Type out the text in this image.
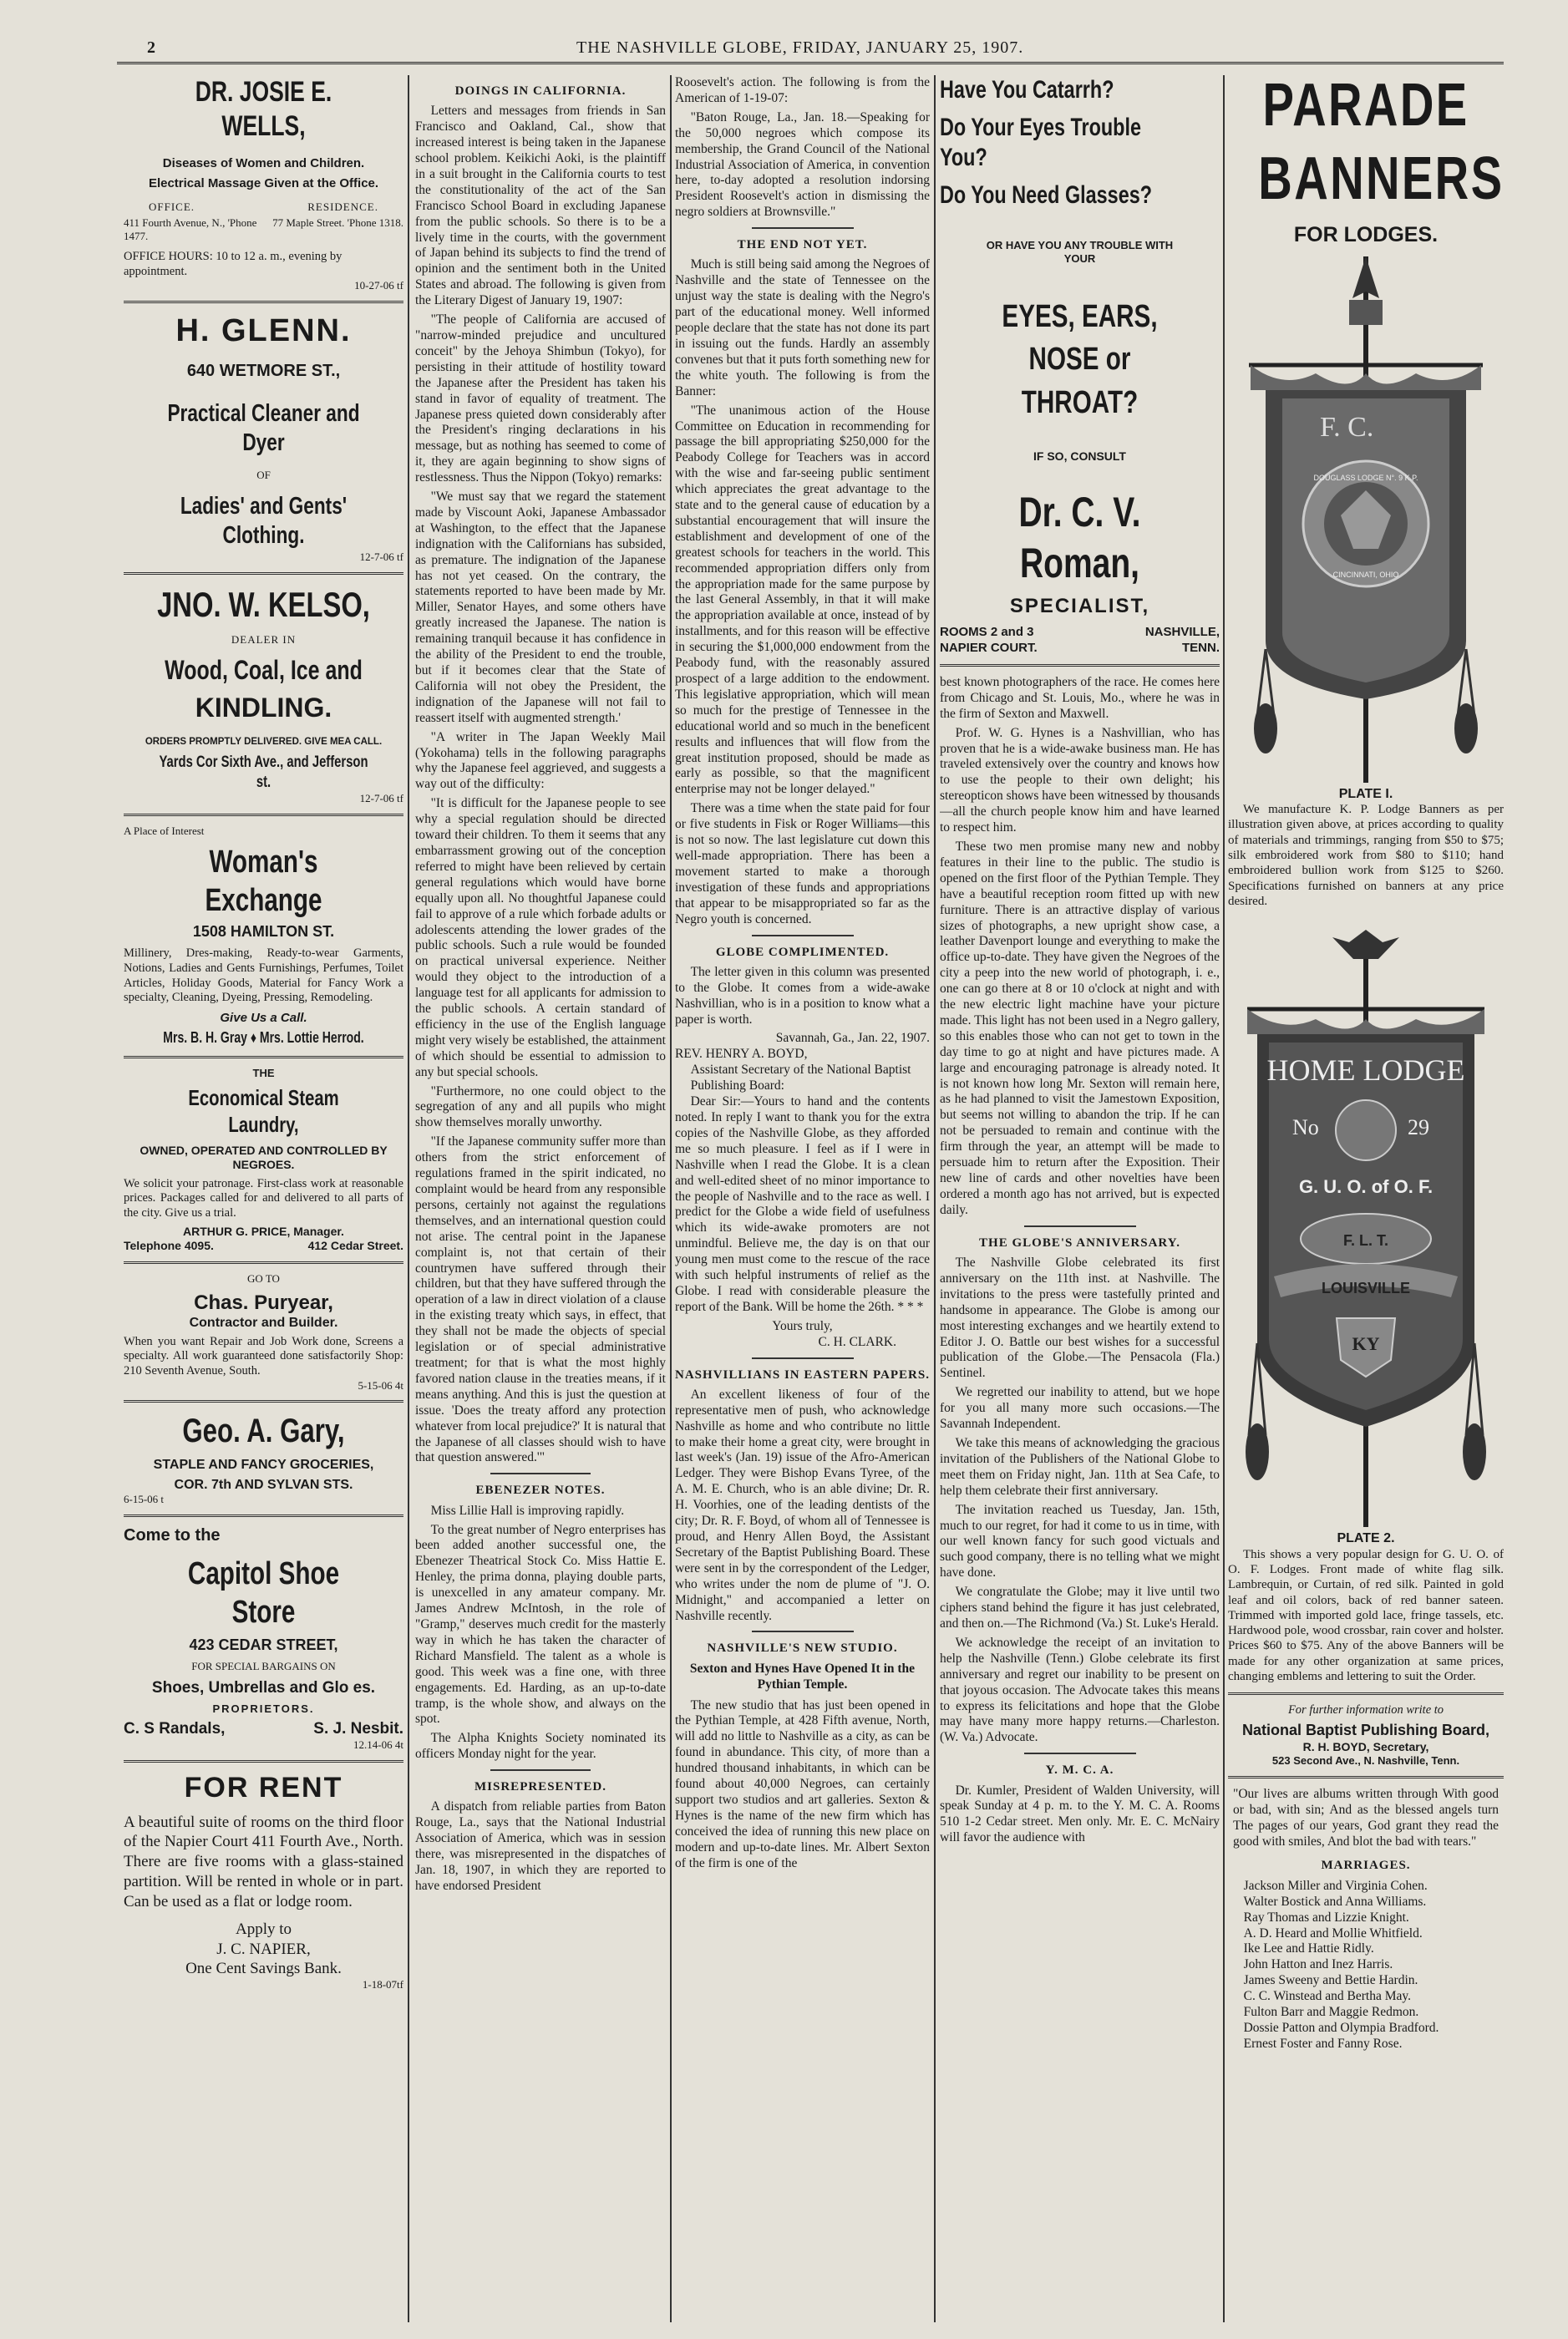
2	THE NASHVILLE GLOBE, FRIDAY, JANUARY 25, 1907.
DR. JOSIE E. WELLS,
Diseases of Women and Children.
Electrical Massage Given at the Office.
OFFICE.	RESIDENCE.
411 Fourth Avenue, N., 'Phone 1477.
77 Maple Street. 'Phone 1318.
OFFICE HOURS: 10 to 12 a. m., evening by appointment.
10-27-06 tf
H. GLENN.
640 WETMORE ST.,
Practical Cleaner and Dyer
OF
Ladies' and Gents' Clothing.
12-7-06 tf
JNO. W. KELSO,
DEALER IN
Wood, Coal, Ice and
KINDLING.
ORDERS PROMPTLY DELIVERED. GIVE MEA CALL.
Yards Cor Sixth Ave., and Jefferson st.
12-7-06 tf
A Place of Interest
Woman's Exchange
1508 HAMILTON ST.
Millinery, Dres-making, Ready-to-wear Garments, Notions, Ladies and Gents Furnishings, Perfumes, Toilet Articles, Holiday Goods, Material for Fancy Work a specialty, Cleaning, Dyeing, Pressing, Remodeling.
Give Us a Call.
Mrs. B. H. Gray ♦ Mrs. Lottie Herrod.
THE
Economical Steam Laundry,
OWNED, OPERATED AND CONTROLLED BY NEGROES.
We solicit your patronage. First-class work at reasonable prices. Packages called for and delivered to all parts of the city. Give us a trial.
ARTHUR G. PRICE, Manager.
Telephone 4095.	412 Cedar Street.
GO TO
Chas. Puryear,
Contractor and Builder.
When you want Repair and Job Work done, Screens a specialty. All work guaranteed done satisfactorily Shop: 210 Seventh Avenue, South.
5-15-06 4t
Geo. A. Gary,
STAPLE AND FANCY GROCERIES,
COR. 7th AND SYLVAN STS.
6-15-06 t
Come to the
Capitol Shoe Store
423 CEDAR STREET,
FOR SPECIAL BARGAINS ON
Shoes, Umbrellas and Glo es.
PROPRIETORS.
C. S Randals,	S. J. Nesbit.
12.14-06 4t
FOR RENT
A beautiful suite of rooms on the third floor of the Napier Court 411 Fourth Ave., North. There are five rooms with a glass-stained partition. Will be rented in whole or in part. Can be used as a flat or lodge room.
Apply to
J. C. NAPIER,
One Cent Savings Bank.
1-18-07tf
DOINGS IN CALIFORNIA.

Letters and messages from friends in San Francisco and Oakland, Cal., show that increased interest is being taken in the Japanese school problem. Keikichi Aoki, is the plaintiff in a suit brought in the California courts to test the constitutionality of the act of the San Francisco School Board in excluding Japanese from the public schools. So there is to be a lively time in the courts, with the government of Japan behind its subjects to find the trend of opinion and the sentiment both in the United States and abroad. The following is given from the Literary Digest of January 19, 1907:

"The people of California are accused of "narrow-minded prejudice and uncultured conceit" by the Jehoya Shimbun (Tokyo), for persisting in their attitude of hostility toward the Japanese after the President has taken his stand in favor of equality of treatment. The Japanese press quieted down considerably after the President's ringing declarations in his message, but as nothing has seemed to come of it, they are again beginning to show signs of restlessness. Thus the Nippon (Tokyo) remarks:

"We must say that we regard the statement made by Viscount Aoki, Japanese Ambassador at Washington, to the effect that the Japanese indignation with the Californians has subsided, as premature. The indignation of the Japanese has not yet ceased. On the contrary, the statements reported to have been made by Mr. Miller, Senator Hayes, and some others have greatly increased the Japanese. The nation is remaining tranquil because it has confidence in the ability of the President to end the trouble, but if it becomes clear that the State of California will not obey the President, the indignation of the Japanese will not fail to reassert itself with augmented strength.'

"A writer in The Japan Weekly Mail (Yokohama) tells in the following paragraphs why the Japanese feel aggrieved, and suggests a way out of the difficulty:

"It is difficult for the Japanese people to see why a special regulation should be directed toward their children. To them it seems that any embarrassment growing out of the conception referred to might have been relieved by certain general regulations which would have borne equally upon all. No thoughtful Japanese could fail to approve of a rule which forbade adults or adolescents attending the lower grades of the public schools. Such a rule would be founded on practical universal experience. Neither would they object to the introduction of a language test for all applicants for admission to the public schools. A certain standard of efficiency in the use of the English language might very wisely be established, the attainment of which should be essential to admission to any but special schools.

"Furthermore, no one could object to the segregation of any and all pupils who might show themselves morally unworthy.

"If the Japanese community suffer more than others from the strict enforcement of regulations framed in the spirit indicated, no complaint would be heard from any responsible persons, certainly not against the regulations themselves, and an international question could not arise. The central point in the Japanese complaint is, not that certain of their countrymen have suffered through their children, but that they have suffered through the operation of a law in direct violation of a clause in the existing treaty which says, in effect, that they shall not be made the objects of special legislation or of special administrative treatment; for that is what the most highly favored nation clause in the treaties means, if it means anything. And this is just the question at issue. 'Does the treaty afford any protection whatever from local prejudice?' It is natural that the Japanese of all classes should wish to have that question answered.'"

EBENEZER NOTES.

Miss Lillie Hall is improving rapidly.

To the great number of Negro enterprises has been added another successful one, the Ebenezer Theatrical Stock Co. Miss Hattie E. Henley, the prima donna, playing double parts, is unexcelled in any amateur company. Mr. James Andrew McIntosh, in the role of "Gramp," deserves much credit for the masterly way in which he has taken the character of Richard Mansfield. The talent as a whole is good. This week was a fine one, with three engagements. Ed. Harding, as an up-to-date tramp, is the whole show, and always on the spot.

The Alpha Knights Society nominated its officers Monday night for the year.

MISREPRESENTED.

A dispatch from reliable parties from Baton Rouge, La., says that the National Industrial Association of America, which was in session there, was misrepresented in the dispatches of Jan. 18, 1907, in which they are reported to have endorsed President

Roosevelt's action. The following is from the American of 1-19-07:

"Baton Rouge, La., Jan. 18.—Speaking for the 50,000 negroes which compose its membership, the Grand Council of the National Industrial Association of America, in convention here, to-day adopted a resolution indorsing President Roosevelt's action in dismissing the negro soldiers at Brownsville."

THE END NOT YET.

Much is still being said among the Negroes of Nashville and the state of Tennessee on the unjust way the state is dealing with the Negro's part of the educational money. Well informed people declare that the state has not done its part in issuing out the funds. Hardly an assembly convenes but that it puts forth something new for the white youth. The following is from the Banner:

"The unanimous action of the House Committee on Education in recommending for passage the bill appropriating $250,000 for the Peabody College for Teachers was in accord with the wise and far-seeing public sentiment which appreciates the great advantage to the state and to the general cause of education by a substantial encouragement that will insure the establishment and development of one of the greatest schools for teachers in the world. This recommended appropriation differs only from the appropriation made for the same purpose by the last General Assembly, in that it will make the appropriation available at once, instead of by installments, and for this reason will be effective in securing the $1,000,000 endowment from the Peabody fund, with the reasonably assured prospect of a large addition to the endowment. This legislative appropriation, which will mean so much for the prestige of Tennessee in the educational world and so much in the beneficent results and influences that will flow from the great institution proposed, should be made as early as possible, so that the magnificent enterprise may not be longer delayed."

There was a time when the state paid for four or five students in Fisk or Roger Williams—this is not so now. The last legislature cut down this well-made appropriation. There has been a movement started to make a thorough investigation of these funds and appropriations that appear to be misappropriated so far as the Negro youth is concerned.

GLOBE COMPLIMENTED.

The letter given in this column was presented to the Globe. It comes from a wide-awake Nashvillian, who is in a position to know what a paper is worth.

Savannah, Ga., Jan. 22, 1907.
REV. HENRY A. BOYD,
Assistant Secretary of the National Baptist Publishing Board:

Dear Sir:—Yours to hand and the contents noted. In reply I want to thank you for the extra copies of the Nashville Globe, as they afforded me so much pleasure. I feel as if I were in Nashville when I read the Globe. It is a clean and well-edited sheet of no minor importance to the people of Nashville and to the race as well. I predict for the Globe a wide field of usefulness which its wide-awake promoters are not unmindful. Believe me, the day is on that our young men must come to the rescue of the race with such helpful instruments of relief as the Globe. I read with considerable pleasure the report of the Bank. Will be home the 26th. * * *

Yours truly,
C. H. CLARK.
NASHVILLIANS IN EASTERN PAPERS.

An excellent likeness of four of the representative men of push, who acknowledge Nashville as home and who contribute no little to make their home a great city, were brought in last week's (Jan. 19) issue of the Afro-American Ledger. They were Bishop Evans Tyree, of the A. M. E. Church, who is an able divine; Dr. R. H. Voorhies, one of the leading dentists of the city; Dr. R. F. Boyd, of whom all of Tennessee is proud, and Henry Allen Boyd, the Assistant Secretary of the Baptist Publishing Board. These were sent in by the correspondent of the Ledger, who writes under the nom de plume of "J. O. Midnight," and accompanied a letter on Nashville recently.

NASHVILLE'S NEW STUDIO.
Sexton and Hynes Have Opened It in the Pythian Temple.

The new studio that has just been opened in the Pythian Temple, at 428 Fifth avenue, North, will add no little to Nashville as a city, as can be found in abundance. This city, of more than a hundred thousand inhabitants, in which can be found about 40,000 Negroes, can certainly support two studios and art galleries. Sexton & Hynes is the name of the new firm which has conceived the idea of running this new place on modern and up-to-date lines. Mr. Albert Sexton of the firm is one of the

Have You Catarrh?
Do Your Eyes Trouble You?
Do You Need Glasses?
OR HAVE YOU ANY TROUBLE WITH YOUR
EYES, EARS, NOSE or THROAT?
IF SO, CONSULT
Dr. C. V. Roman,
SPECIALIST,
ROOMS 2 and 3 NAPIER COURT.
NASHVILLE, TENN.

best known photographers of the race. He comes here from Chicago and St. Louis, Mo., where he was in the firm of Sexton and Maxwell.

Prof. W. G. Hynes is a Nashvillian, who has proven that he is a wide-awake business man. He has traveled extensively over the country and knows how to use the people to their own delight; his stereopticon shows have been witnessed by thousands—all the church people know him and have learned to respect him.

These two men promise many new and nobby features in their line to the public. The studio is opened on the first floor of the Pythian Temple. They have a beautiful reception room fitted up with new furniture. There is an attractive display of various sizes of photographs, a new upright show case, a leather Davenport lounge and everything to make the office up-to-date. They have given the Negroes of the city a peep into the new world of photograph, i. e., one can go there at 8 or 10 o'clock at night and with the new electric light machine have your picture made. This light has not been used in a Negro gallery, so this enables those who can not get to town in the day time to go at night and have pictures made. A large and encouraging patronage is already noted. It is not known how long Mr. Sexton will remain here, as he had planned to visit the Jamestown Exposition, but seems not willing to abandon the trip. If he can not be persuaded to remain and continue with the firm through the year, an attempt will be made to persuade him to return after the Exposition. Their new line of cards and other novelties have been ordered a month ago has not arrived, but is expected daily.

THE GLOBE'S ANNIVERSARY.

The Nashville Globe celebrated its first anniversary on the 11th inst. at Nashville. The invitations to the press were tastefully printed and handsome in appearance. The Globe is among our most interesting exchanges and we heartily extend to Editor J. O. Battle our best wishes for a successful publication of the Globe.—The Pensacola (Fla.) Sentinel.

We regretted our inability to attend, but we hope for you all many more such occasions.—The Savannah Independent.

We take this means of acknowledging the gracious invitation of the Publishers of the National Globe to meet them on Friday night, Jan. 11th at Sea Cafe, to help them celebrate their first anniversary.

The invitation reached us Tuesday, Jan. 15th, much to our regret, for had it come to us in time, with our well known fancy for such good victuals and such good company, there is no telling what we might have done.

We congratulate the Globe; may it live until two ciphers stand behind the figure it has just celebrated, and then on.—The Richmond (Va.) St. Luke's Herald.

We acknowledge the receipt of an invitation to help the Nashville (Tenn.) Globe celebrate its first anniversary and regret our inability to be present on that joyous occasion. The Advocate takes this means to express its felicitations and hope that the Globe may have many more happy returns.—Charleston. (W. Va.) Advocate.

Y. M. C. A.

Dr. Kumler, President of Walden University, will speak Sunday at 4 p. m. to the Y. M. C. A. Rooms 510 1-2 Cedar street. Men only. Mr. E. C. McNairy will favor the audience with

PARADE
BANNERS
FOR LODGES.
F. C.
DOUGLASS LODGE N°. 9 K.P.
CINCINNATI, OHIO
PLATE I.
We manufacture K. P. Lodge Banners as per illustration given above, at prices according to quality of materials and trimmings, ranging from $50 to $75; silk embroidered work from $80 to $110; hand embroidered bullion work from $125 to $260. Specifications furnished on banners at any price desired.
HOME LODGE
No	29
G. U. O. of O. F.
F. L. T.
LOUISVILLE
KY
PLATE 2.
This shows a very popular design for G. U. O. of O. F. Lodges. Front made of white flag silk. Lambrequin, or Curtain, of red silk. Painted in gold leaf and oil colors, back of red banner sateen. Trimmed with imported gold lace, fringe tassels, etc. Hardwood pole, wood crossbar, rain cover and holster. Prices $60 to $75. Any of the above Banners will be made for any other organization at same prices, changing emblems and lettering to suit the Order.
For further information write to
National Baptist Publishing Board,
R. H. BOYD, Secretary,
523 Second Ave., N. Nashville, Tenn.
"Our lives are albums written through With good or bad, with sin; And as the blessed angels turn The pages of our years, God grant they read the good with smiles, And blot the bad with tears."
MARRIAGES.
Jackson Miller and Virginia Cohen.
Walter Bostick and Anna Williams.
Ray Thomas and Lizzie Knight.
A. D. Heard and Mollie Whitfield.
Ike Lee and Hattie Ridly.
John Hatton and Inez Harris.
James Sweeny and Bettie Hardin.
C. C. Winstead and Bertha May.
Fulton Barr and Maggie Redmon.
Dossie Patton and Olympia Bradford.
Ernest Foster and Fanny Rose.
